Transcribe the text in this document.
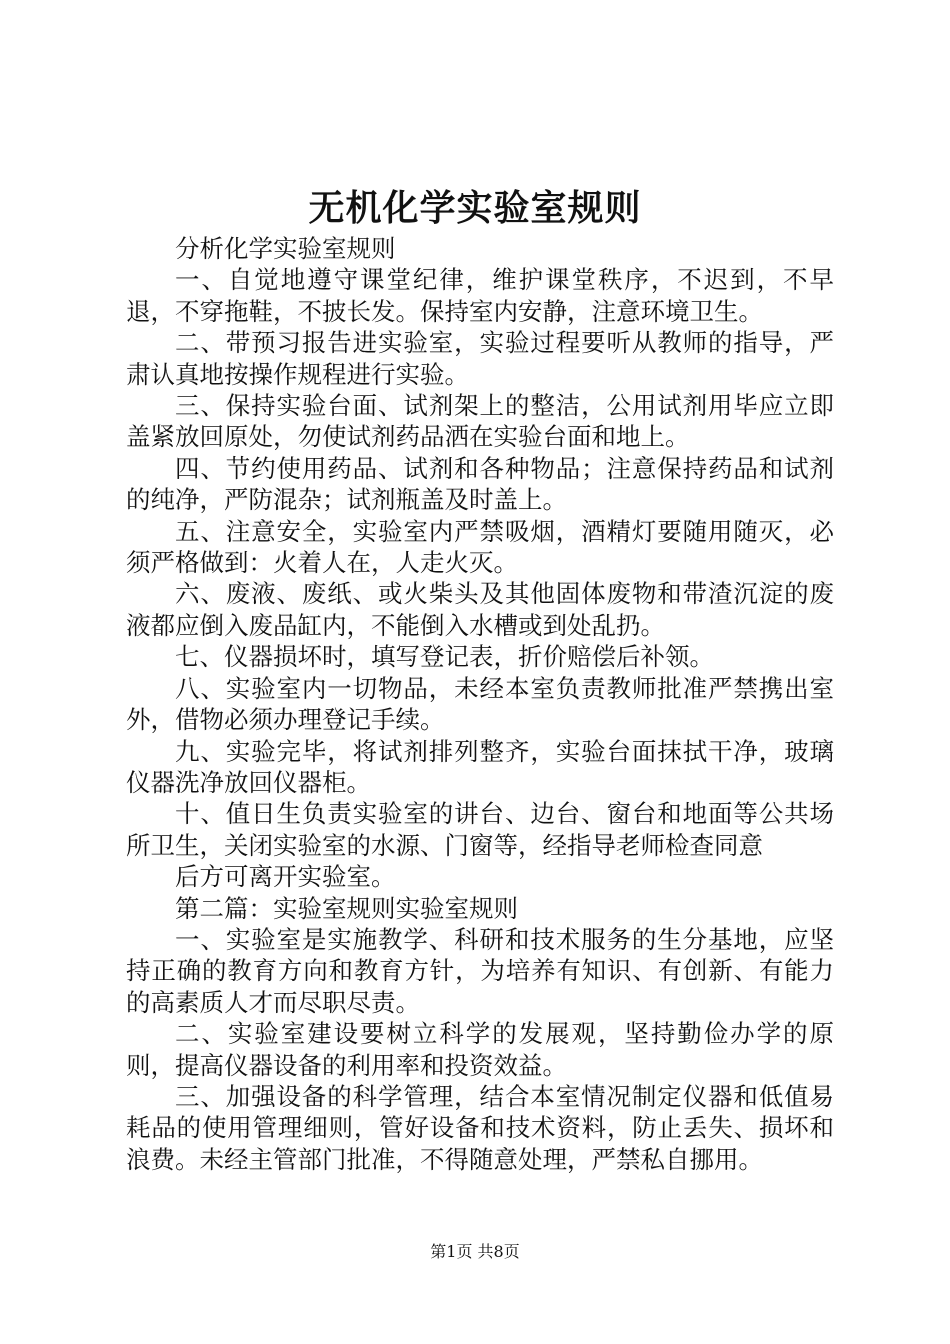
无机化学实验室规则

分析化学实验室规则

一、自觉地遵守课堂纪律，维护课堂秩序，不迟到，不早退，不穿拖鞋，不披长发。保持室内安静，注意环境卫生。

二、带预习报告进实验室，实验过程要听从教师的指导，严肃认真地按操作规程进行实验。

三、保持实验台面、试剂架上的整洁，公用试剂用毕应立即盖紧放回原处，勿使试剂药品洒在实验台面和地上。

四、节约使用药品、试剂和各种物品；注意保持药品和试剂的纯净，严防混杂；试剂瓶盖及时盖上。

五、注意安全，实验室内严禁吸烟，酒精灯要随用随灭，必须严格做到：火着人在，人走火灭。

六、废液、废纸、或火柴头及其他固体废物和带渣沉淀的废液都应倒入废品缸内，不能倒入水槽或到处乱扔。

七、仪器损坏时，填写登记表，折价赔偿后补领。

八、实验室内一切物品，未经本室负责教师批准严禁携出室外，借物必须办理登记手续。

九、实验完毕，将试剂排列整齐，实验台面抹拭干净，玻璃仪器洗净放回仪器柜。

十、值日生负责实验室的讲台、边台、窗台和地面等公共场所卫生，关闭实验室的水源、门窗等，经指导老师检查同意

后方可离开实验室。

第二篇：实验室规则实验室规则

一、实验室是实施教学、科研和技术服务的生分基地，应坚持正确的教育方向和教育方针，为培养有知识、有创新、有能力的高素质人才而尽职尽责。

二、实验室建设要树立科学的发展观，坚持勤俭办学的原则，提高仪器设备的利用率和投资效益。

三、加强设备的科学管理，结合本室情况制定仪器和低值易耗品的使用管理细则，管好设备和技术资料，防止丢失、损坏和浪费。未经主管部门批准，不得随意处理，严禁私自挪用。

第1页 共8页
